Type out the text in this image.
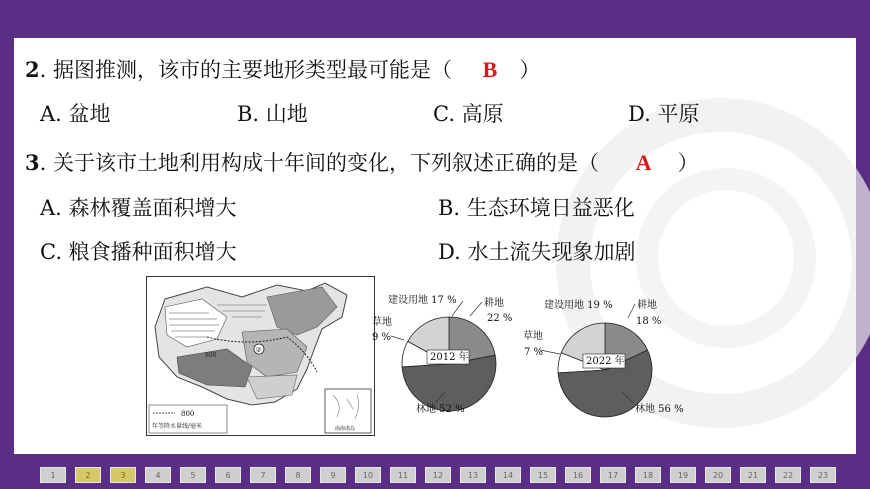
2. 据图推测，该市的主要地形类型最可能是（ B ）
A. 盆地	B. 山地	C. 高原	D. 平原
3. 关于该市土地利用构成十年间的变化，下列叙述正确的是（ A ）
A. 森林覆盖面积增大	B. 生态环境日益恶化
C. 粮食播种面积增大	D. 水土流失现象加剧
②
800
800
年等降水量线/毫米	南海诸岛
建设用地 17 %	耕地
22 %
草地
9 %
林地 52 %
2012 年
建设用地 19 % 耕地
18 %
草地
7 %
林地 56 %
2022 年
1	2	3	4	5	6	7	8	9	10	11	12	13	14	15	16	17	18	19	20	21	22	23
